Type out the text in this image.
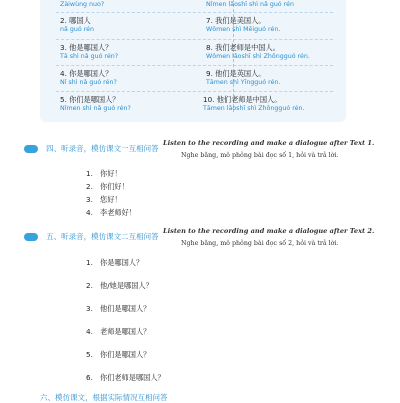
Zàiwùng nuo?
2. 哪国人
nǎ guó rén
3. 他是哪国人？
Tā shì nǎ guó rén?
4. 你是哪国人？
Nǐ shì nǎ guó rén?
5. 你们是哪国人？
Nǐmen shì nǎ guó rén?
Nǐmen lǎoshī shì nǎ guó rén
7. 我们是美国人。
Wǒmen shì Měiguó rén.
8. 我们老师是中国人。
Wǒmen lǎoshī shì Zhōngguó rén.
9. 他们是英国人。
Tāmen shì Yīngguó rén.
10. 他们老师是中国人。
Tāmen lǎoshī shì Zhōngguó rén.
四、听录音，模仿课文一互相问答
Listen to the recording and make a dialogue after Text 1.
Nghe băng, mô phỏng bài đọc số 1, hỏi và trả lời.
1.　你好！
2.　你们好！
3.　您好！
4.　李老师好！
五、听录音，模仿课文二互相问答
Listen to the recording and make a dialogue after Text 2.
Nghe băng, mô phỏng bài đọc số 2, hỏi và trả lời.
1.　你是哪国人？
2.　他/她是哪国人？
3.　他们是哪国人？
4.　老师是哪国人？
5.　你们是哪国人？
6.　你们老师是哪国人？
六、模仿课文，根据实际情况互相问答
